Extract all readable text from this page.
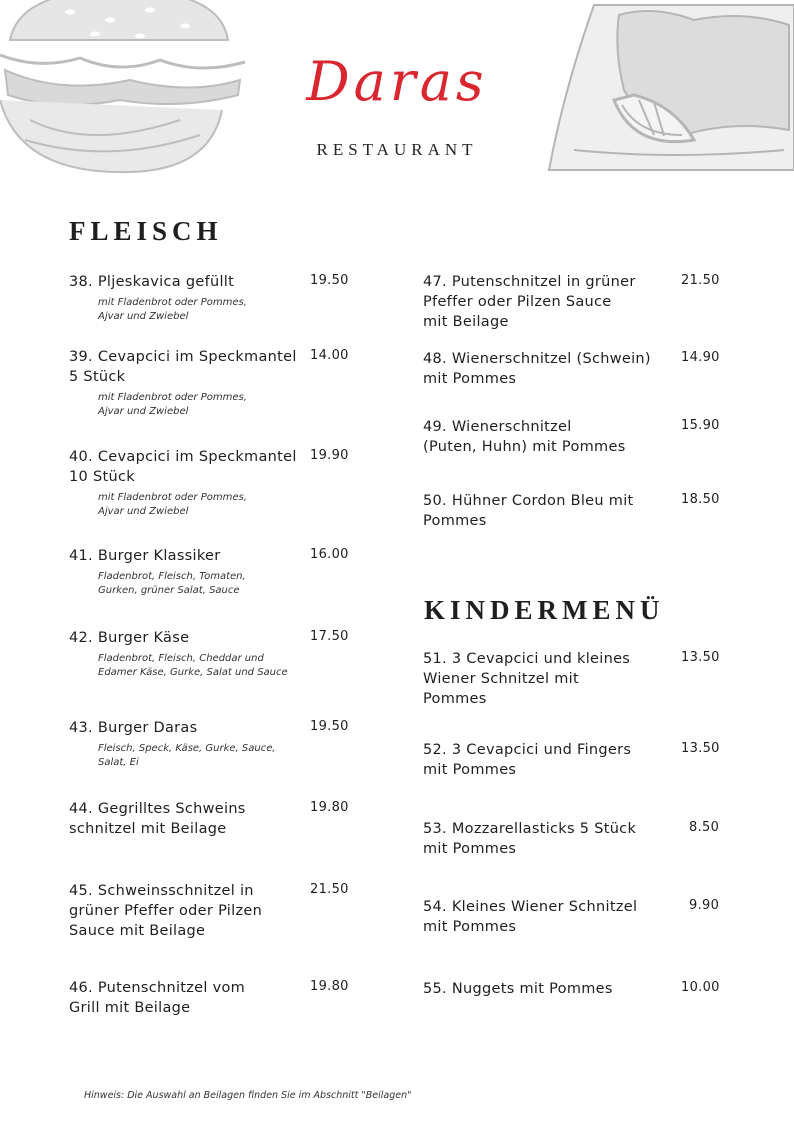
Daras
RESTAURANT
FLEISCH
KINDERMENÜ
38. Pljeskavica gefüllt	19.50
mit Fladenbrot oder Pommes,
Ajvar und Zwiebel
39. Cevapcici im Speckmantel
5 Stück
14.00
mit Fladenbrot oder Pommes,
Ajvar und Zwiebel
40. Cevapcici im Speckmantel
10 Stück
19.90
mit Fladenbrot oder Pommes,
Ajvar und Zwiebel
41. Burger Klassiker	16.00
Fladenbrot, Fleisch, Tomaten,
Gurken, grüner Salat, Sauce
42. Burger Käse	17.50
Fladenbrot, Fleisch, Cheddar und
Edamer Käse, Gurke, Salat und Sauce
43. Burger Daras	19.50
Fleisch, Speck, Käse, Gurke, Sauce,
Salat, Ei
44. Gegrilltes Schweins
schnitzel mit Beilage
19.80
45. Schweinsschnitzel in
grüner Pfeffer oder Pilzen
Sauce mit Beilage
21.50
46. Putenschnitzel vom
Grill mit Beilage
19.80
47. Putenschnitzel in grüner
Pfeffer oder Pilzen Sauce
mit Beilage
21.50
48. Wienerschnitzel (Schwein)
mit Pommes
14.90
49. Wienerschnitzel
(Puten, Huhn) mit Pommes
15.90
50. Hühner Cordon Bleu mit
Pommes
18.50
51. 3 Cevapcici und kleines
Wiener Schnitzel mit
Pommes
13.50
52. 3 Cevapcici und Fingers
mit Pommes
13.50
53. Mozzarellasticks 5 Stück
mit Pommes
8.50
54. Kleines Wiener Schnitzel
mit Pommes
9.90
55. Nuggets mit Pommes	10.00
Hinweis: Die Auswahl an Beilagen finden Sie im Abschnitt "Beilagen"
